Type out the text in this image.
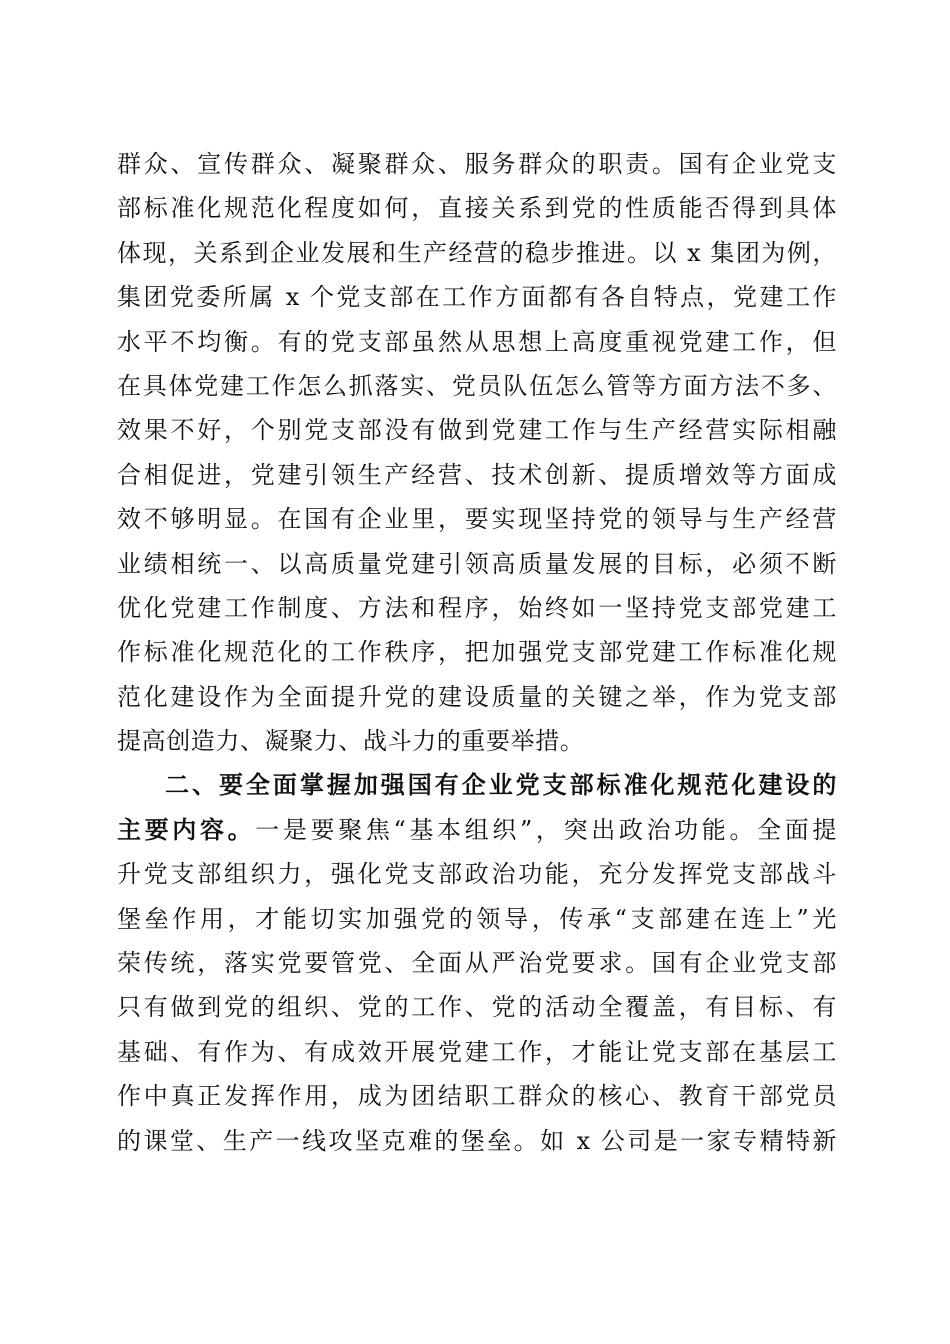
群众、宣传群众、凝聚群众、服务群众的职责。国有企业党支
部标准化规范化程度如何，直接关系到党的性质能否得到具体
体现，关系到企业发展和生产经营的稳步推进。以 x 集团为例，
集团党委所属 x 个党支部在工作方面都有各自特点，党建工作
水平不均衡。有的党支部虽然从思想上高度重视党建工作，但
在具体党建工作怎么抓落实、党员队伍怎么管等方面方法不多、
效果不好，个别党支部没有做到党建工作与生产经营实际相融
合相促进，党建引领生产经营、技术创新、提质增效等方面成
效不够明显。在国有企业里，要实现坚持党的领导与生产经营
业绩相统一、以高质量党建引领高质量发展的目标，必须不断
优化党建工作制度、方法和程序，始终如一坚持党支部党建工
作标准化规范化的工作秩序，把加强党支部党建工作标准化规
范化建设作为全面提升党的建设质量的关键之举，作为党支部
提高创造力、凝聚力、战斗力的重要举措。
二、要全面掌握加强国有企业党支部标准化规范化建设的
主要内容。一是要聚焦“基本组织”，突出政治功能。全面提
升党支部组织力，强化党支部政治功能，充分发挥党支部战斗
堡垒作用，才能切实加强党的领导，传承“支部建在连上”光
荣传统，落实党要管党、全面从严治党要求。国有企业党支部
只有做到党的组织、党的工作、党的活动全覆盖，有目标、有
基础、有作为、有成效开展党建工作，才能让党支部在基层工
作中真正发挥作用，成为团结职工群众的核心、教育干部党员
的课堂、生产一线攻坚克难的堡垒。如 x 公司是一家专精特新
